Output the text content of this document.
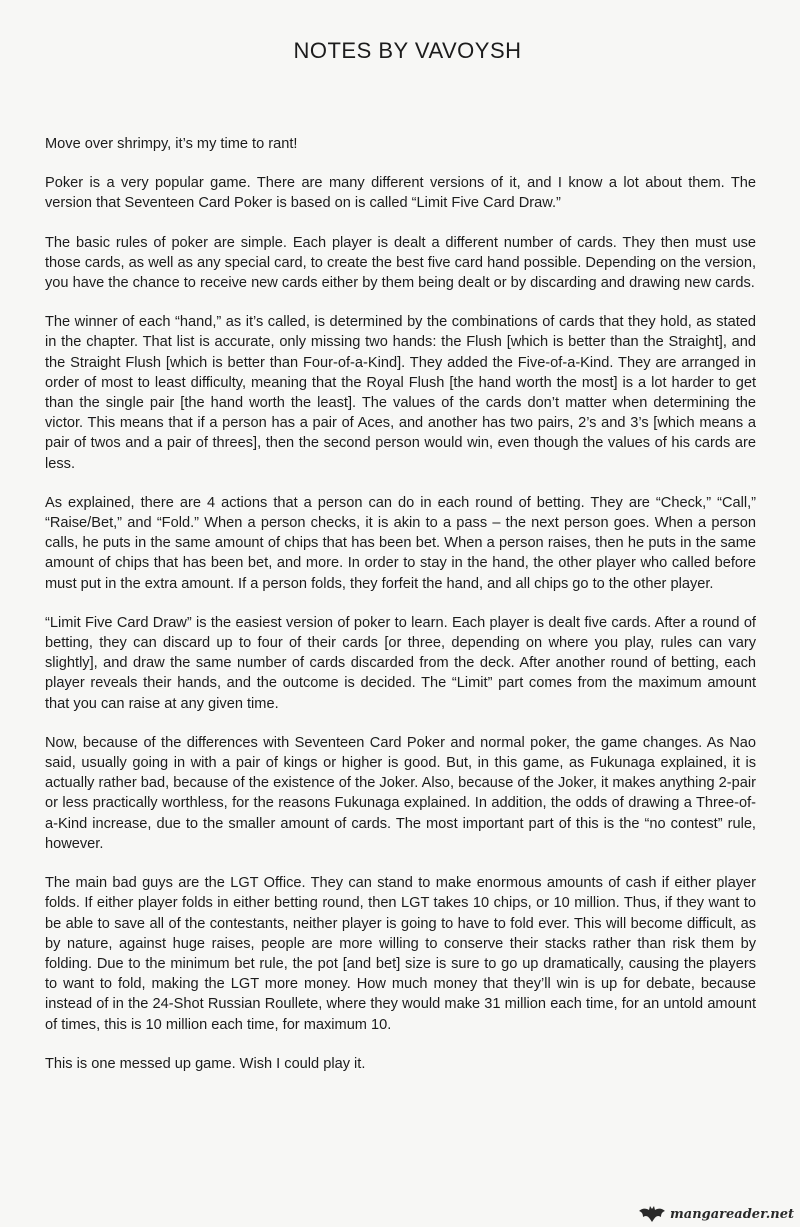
NOTES BY VAVOYSH

Move over shrimpy, it’s my time to rant!

Poker is a very popular game. There are many different versions of it, and I know a lot about them. The version that Seventeen Card Poker is based on is called “Limit Five Card Draw.”

The basic rules of poker are simple. Each player is dealt a different number of cards. They then must use those cards, as well as any special card, to create the best five card hand possible. Depending on the version, you have the chance to receive new cards either by them being dealt or by discarding and drawing new cards.

The winner of each “hand,” as it’s called, is determined by the combinations of cards that they hold, as stated in the chapter. That list is accurate, only missing two hands: the Flush [which is better than the Straight], and the Straight Flush [which is better than Four-of-a-Kind]. They added the Five-of-a-Kind. They are arranged in order of most to least difficulty, meaning that the Royal Flush [the hand worth the most] is a lot harder to get than the single pair [the hand worth the least]. The values of the cards don’t matter when determining the victor. This means that if a person has a pair of Aces, and another has two pairs, 2’s and 3’s [which means a pair of twos and a pair of threes], then the second person would win, even though the values of his cards are less.

As explained, there are 4 actions that a person can do in each round of betting. They are “Check,” “Call,” “Raise/Bet,” and “Fold.” When a person checks, it is akin to a pass – the next person goes. When a person calls, he puts in the same amount of chips that has been bet. When a person raises, then he puts in the same amount of chips that has been bet, and more. In order to stay in the hand, the other player who called before must put in the extra amount. If a person folds, they forfeit the hand, and all chips go to the other player.

“Limit Five Card Draw” is the easiest version of poker to learn. Each player is dealt five cards. After a round of betting, they can discard up to four of their cards [or three, depending on where you play, rules can vary slightly], and draw the same number of cards discarded from the deck. After another round of betting, each player reveals their hands, and the outcome is decided. The “Limit” part comes from the maximum amount that you can raise at any given time.

Now, because of the differences with Seventeen Card Poker and normal poker, the game changes. As Nao said, usually going in with a pair of kings or higher is good. But, in this game, as Fukunaga explained, it is actually rather bad, because of the existence of the Joker. Also, because of the Joker, it makes anything 2-pair or less practically worthless, for the reasons Fukunaga explained. In addition, the odds of drawing a Three-of-a-Kind increase, due to the smaller amount of cards. The most important part of this is the “no contest” rule, however.

The main bad guys are the LGT Office. They can stand to make enormous amounts of cash if either player folds. If either player folds in either betting round, then LGT takes 10 chips, or 10 million. Thus, if they want to be able to save all of the contestants, neither player is going to have to fold ever. This will become difficult, as by nature, against huge raises, people are more willing to conserve their stacks rather than risk them by folding. Due to the minimum bet rule, the pot [and bet] size is sure to go up dramatically, causing the players to want to fold, making the LGT more money. How much money that they’ll win is up for debate, because instead of in the 24-Shot Russian Roullete, where they would make 31 million each time, for an untold amount of times, this is 10 million each time, for maximum 10.

This is one messed up game. Wish I could play it.

mangareader.net
